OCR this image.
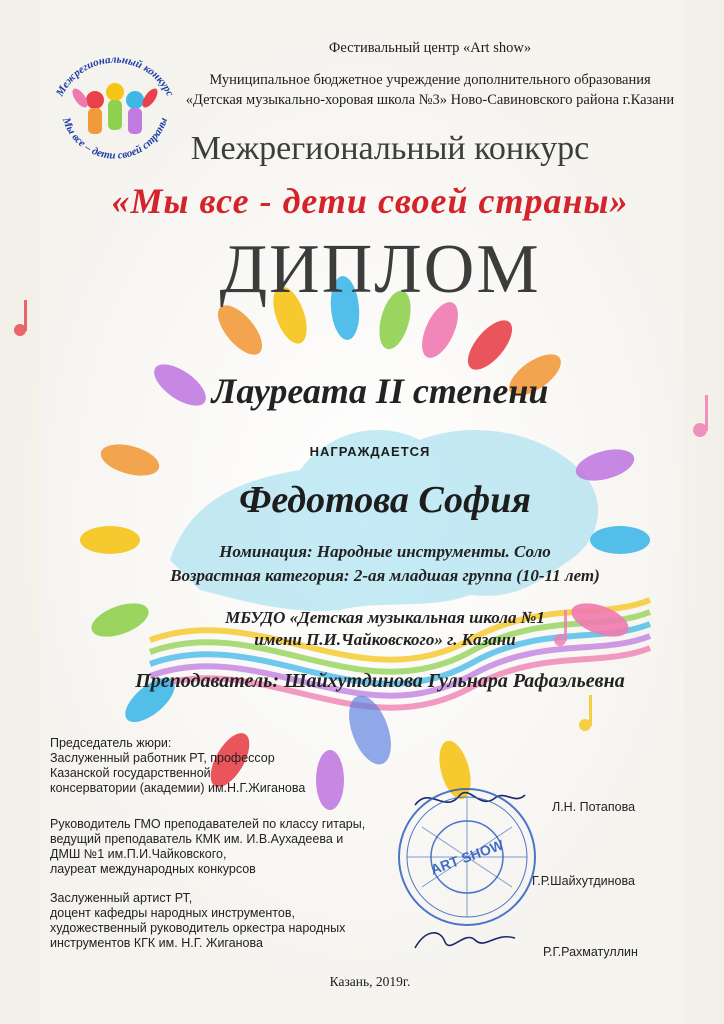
Межрегиональный конкурс
Мы все – дети своей страны
Фестивальный центр «Art show»
Муниципальное бюджетное учреждение дополнительного образования
«Детская музыкально-хоровая школа №3» Ново-Савиновского района г.Казани
Межрегиональный конкурс
«Мы все - дети своей страны»
ДИПЛОМ
Лауреата II степени
НАГРАЖДАЕТСЯ
Федотова София
Номинация: Народные инструменты. Соло
Возрастная категория: 2-ая младшая группа (10-11 лет)
МБУДО «Детская музыкальная школа №1
имени П.И.Чайковского» г. Казани
Преподаватель: Шайхутдинова Гульнара Рафаэльевна
Председатель жюри:
Заслуженный работник РТ, профессор
Казанской государственной
консерватории (академии) им.Н.Г.Жиганова
Л.Н. Потапова
Руководитель ГМО преподавателей по классу гитары,
ведущий преподаватель КМК им. И.В.Аухадеева и
ДМШ №1 им.П.И.Чайковского,
лауреат международных конкурсов
Г.Р.Шайхутдинова
Заслуженный артист РТ,
доцент кафедры народных инструментов,
художественный руководитель оркестра народных
инструментов КГК им. Н.Г. Жиганова
Р.Г.Рахматуллин
ART SHOW
Казань, 2019г.
